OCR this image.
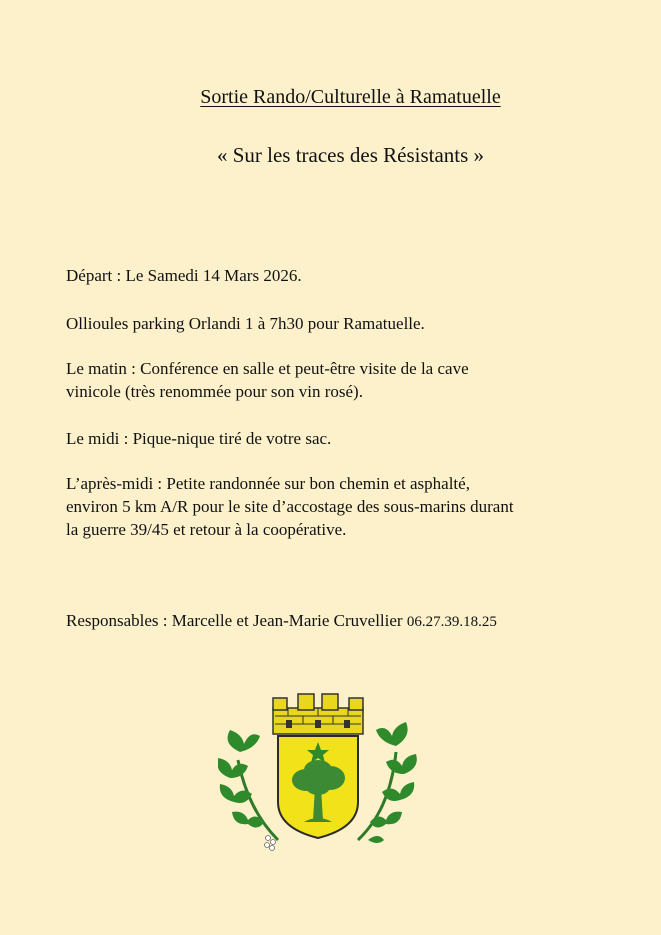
Sortie Rando/Culturelle à Ramatuelle
« Sur les traces des Résistants »
Départ : Le Samedi 14 Mars 2026.
Ollioules parking Orlandi 1 à 7h30 pour Ramatuelle.
Le matin : Conférence en salle et peut-être visite de la cave
vinicole (très renommée pour son vin rosé).
Le midi : Pique-nique tiré de votre sac.
L’après-midi : Petite randonnée sur bon chemin et asphalté,
environ 5 km A/R pour le site d’accostage des sous-marins durant
la guerre 39/45 et retour à la coopérative.
Responsables : Marcelle et Jean-Marie Cruvellier 06.27.39.18.25
